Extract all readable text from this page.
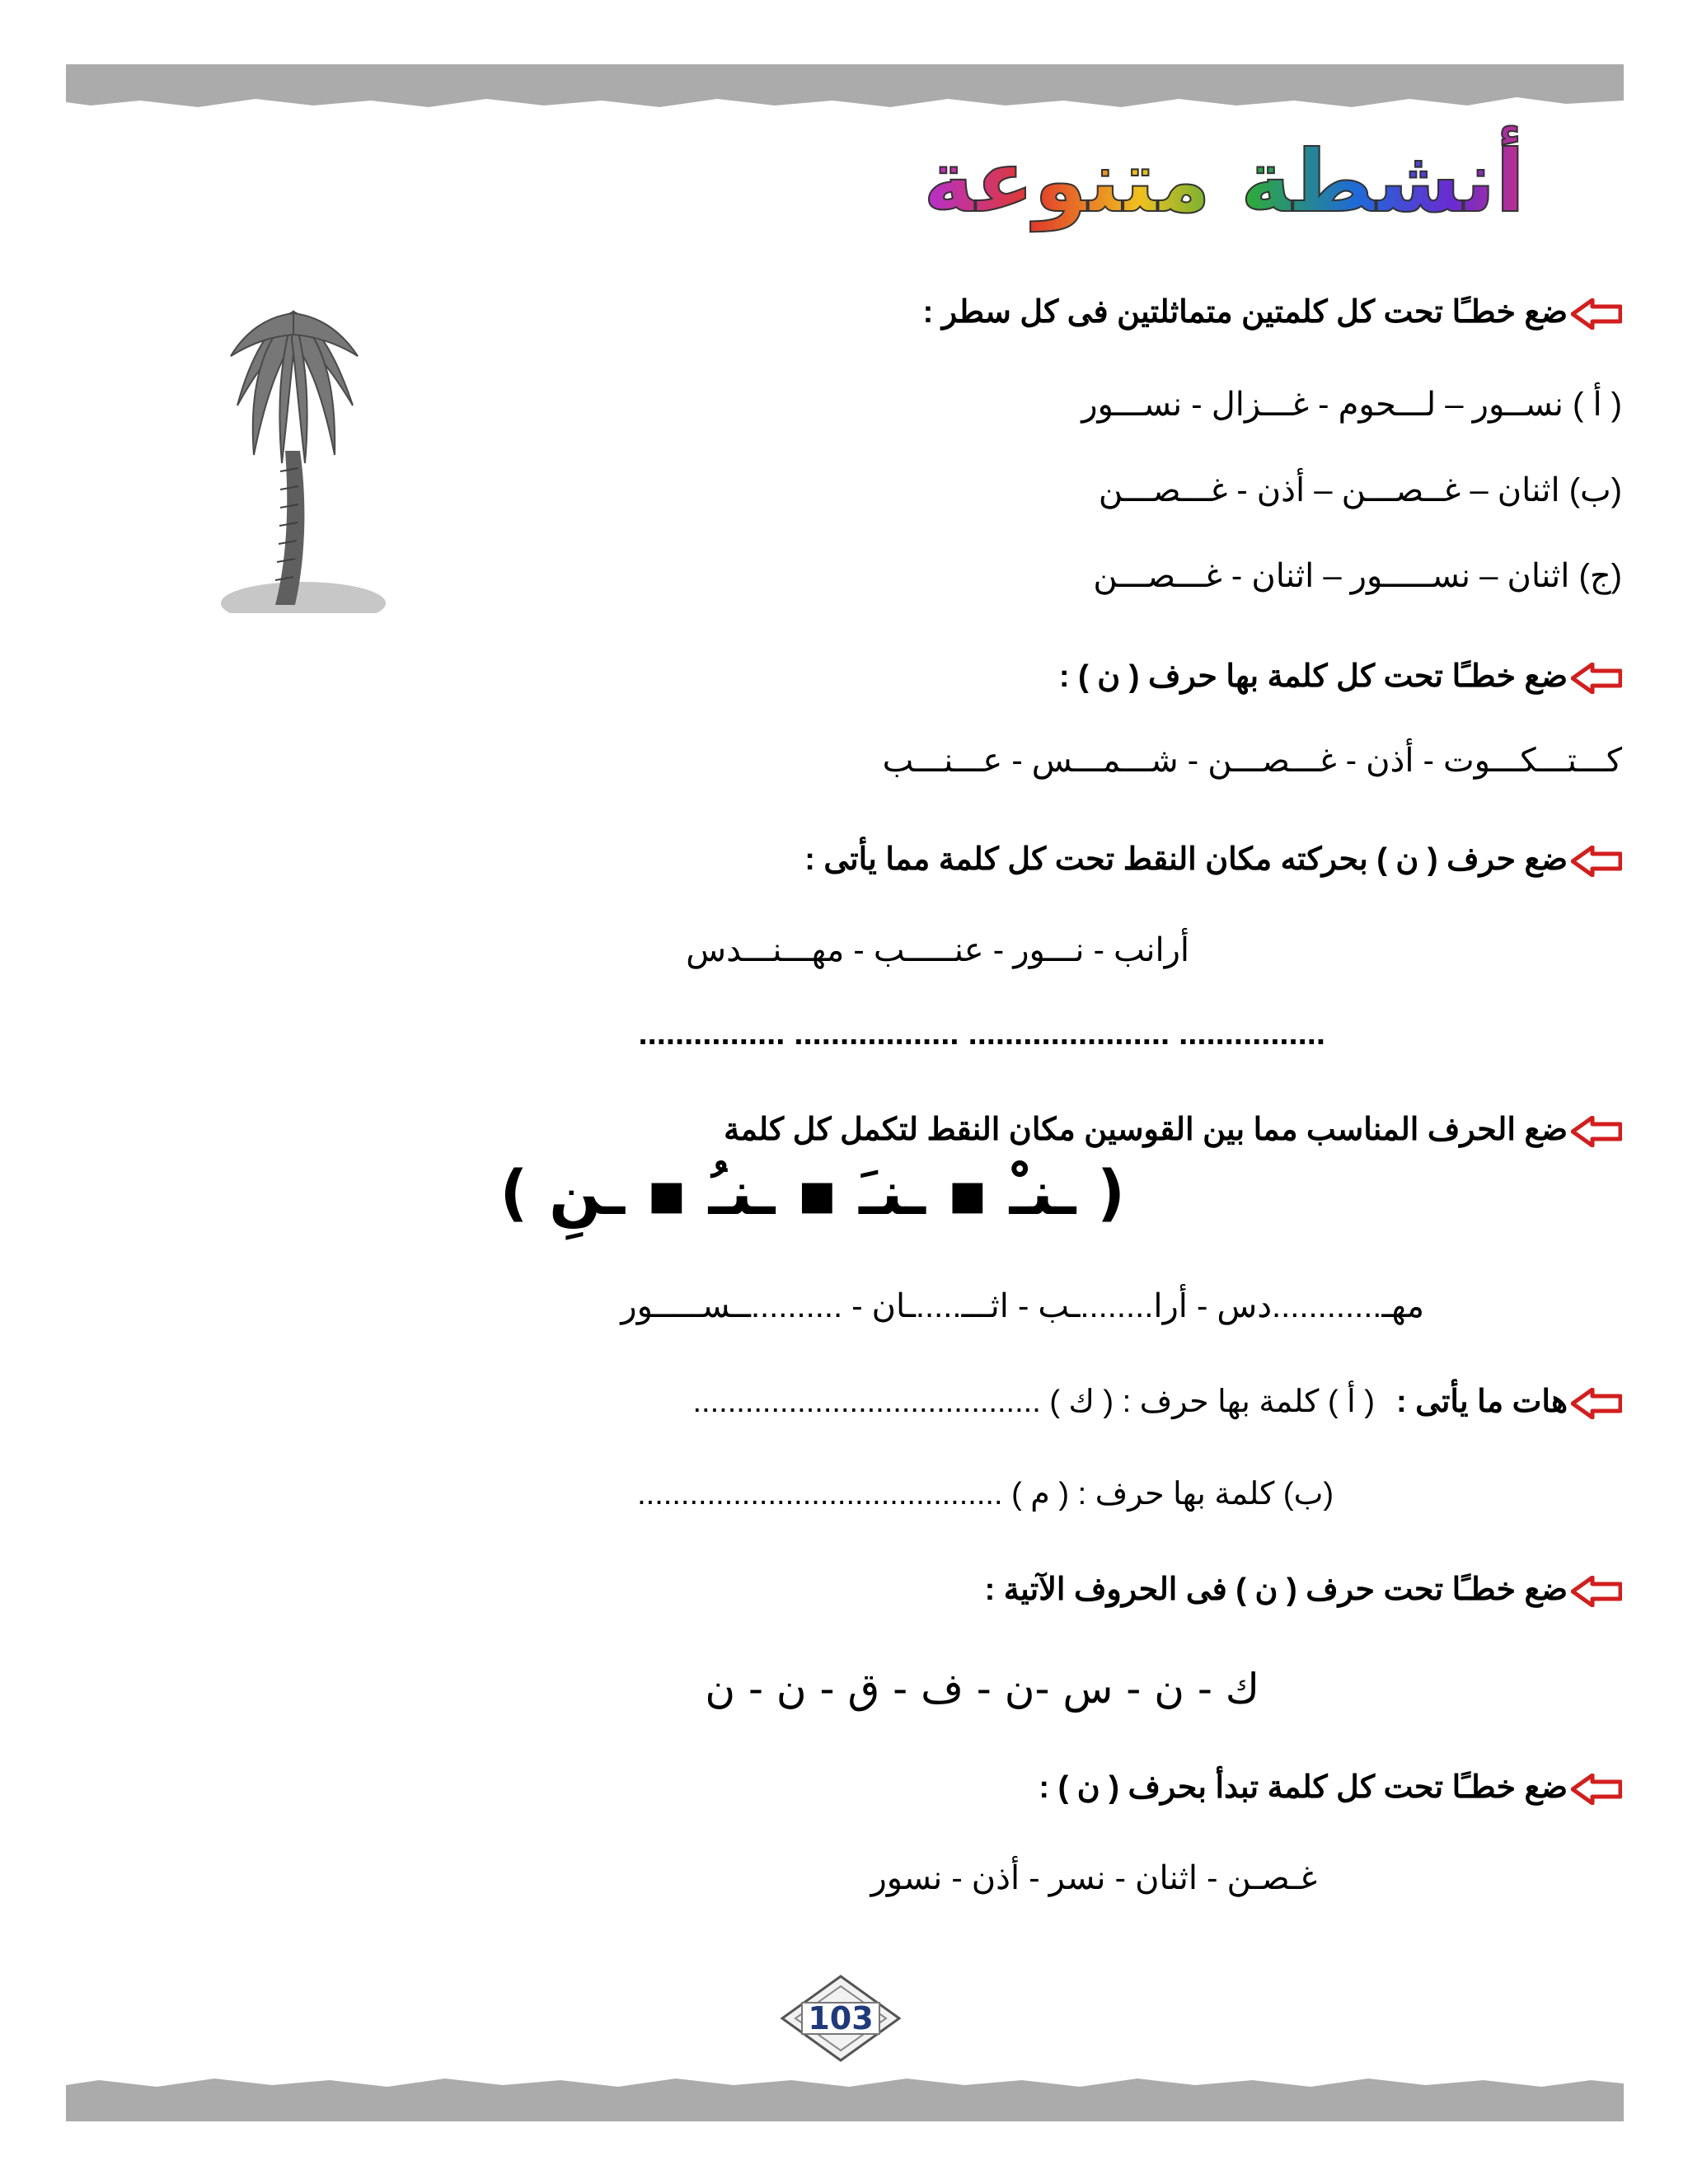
أنشطة متنوعة
ضع خطـًا تحت كل كلمتين متماثلتين فى كل سطر :
( أ ) نســور – لـــحوم - غـــزال - نســـور
(ب) اثنان – غــصـــن – أذن - غـــصـــن
(ج) اثنان – نســـــور – اثنان - غـــصـــن
ضع خطـًا تحت كل كلمة بها حرف ( ن ) :
كـــتـــكـــوت - أذن - غـــصـــن - شـــمـــس - عـــنـــب
ضع حرف ( ن ) بحركته مكان النقط تحت كل كلمة مما يأتى :
أرانب - نـــور - عنـــــب - مهـــنـــدس
................ ...................... .................. ................
ضع الحرف المناسب مما بين القوسين مكان النقط لتكمل كل كلمة
( ـنـْ ▪ ـنـَ ▪ ـنـُ ▪ ـنِ )
مهـ............دس - أرا........ـب - اثـــ.....ـان - ..........ــســـــور
هات ما يأتى :( أ ) كلمة بها حرف : ( ك ) ........................................
(ب) كلمة بها حرف : ( م ) ..........................................
ضع خطـًا تحت حرف ( ن ) فى الحروف الآتية :
ك - ن - س -ن - ف - ق - ن - ن
ضع خطـًا تحت كل كلمة تبدأ بحرف ( ن ) :
غـصـن - اثنان - نسر - أذن - نسور
103
